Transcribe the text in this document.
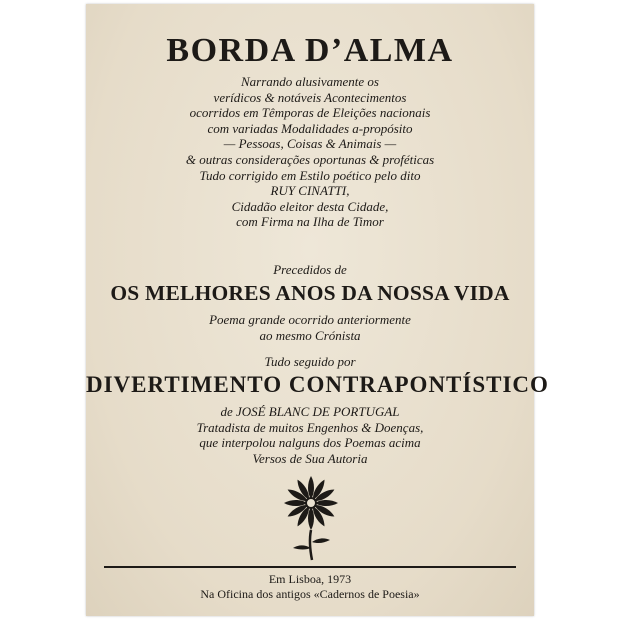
BORDA D’ALMA
Narrando alusivamente os
verídicos & notáveis Acontecimentos
ocorridos em Têmporas de Eleições nacionais
com variadas Modalidades a-propósito
— Pessoas, Coisas & Animais —
& outras considerações oportunas & proféticas
Tudo corrigido em Estilo poético pelo dito
RUY CINATTI,
Cidadão eleitor desta Cidade,
com Firma na Ilha de Timor
Precedidos de
OS MELHORES ANOS DA NOSSA VIDA
Poema grande ocorrido anteriormente
ao mesmo Crónista
Tudo seguido por
DIVERTIMENTO CONTRAPONTÍSTICO
de JOSÉ BLANC DE PORTUGAL
Tratadista de muitos Engenhos & Doenças,
que interpolou nalguns dos Poemas acima
Versos de Sua Autoria
Em Lisboa, 1973
Na Oficina dos antigos «Cadernos de Poesia»
